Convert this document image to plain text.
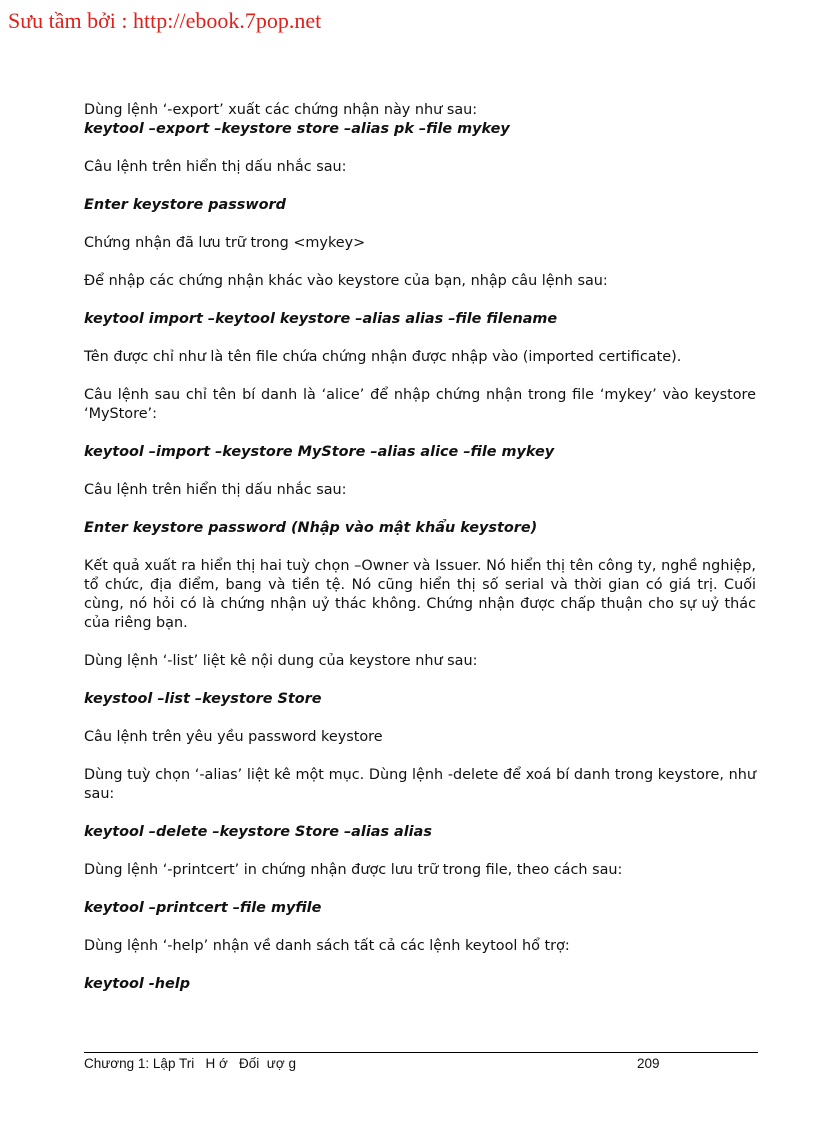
Sưu tầm bởi : http://ebook.7pop.net

Dùng lệnh ‘-export’ xuất các chứng nhận này như sau:

keytool –export –keystore store –alias pk –file mykey

Câu lệnh trên hiển thị dấu nhắc sau:

Enter keystore password

Chứng nhận đã lưu trữ trong <mykey>

Để nhập các chứng nhận khác vào keystore của bạn, nhập câu lệnh sau:

keytool import –keytool keystore –alias alias –file filename

Tên được chỉ như là tên file chứa chứng nhận được nhập vào (imported certificate).

Câu lệnh sau chỉ tên bí danh là ‘alice’ để nhập chứng nhận trong file ‘mykey’ vào keystore ‘MyStore’:

keytool –import –keystore MyStore –alias alice –file mykey

Câu lệnh trên hiển thị dấu nhắc sau:

Enter keystore password (Nhập vào mật khẩu keystore)

Kết quả xuất ra hiển thị hai tuỳ chọn –Owner và Issuer. Nó hiển thị tên công ty, nghề nghiệp, tổ chức, địa điểm, bang và tiền tệ. Nó cũng hiển thị số serial và thời gian có giá trị. Cuối cùng, nó hỏi có là chứng nhận uỷ thác không. Chứng nhận được chấp thuận cho sự uỷ thác của riêng bạn.

Dùng lệnh ‘-list’ liệt kê nội dung của keystore như sau:

keystool –list –keystore Store

Câu lệnh trên yêu yều password keystore

Dùng tuỳ chọn ‘-alias’ liệt kê một mục. Dùng lệnh -delete để xoá bí danh trong keystore, như sau:

keytool –delete –keystore Store –alias alias

Dùng lệnh ‘-printcert’ in chứng nhận được lưu trữ trong file, theo cách sau:

keytool –printcert –file myfile

Dùng lệnh ‘-help’ nhận về danh sách tất cả các lệnh keytool hổ trợ:

keytool -help

Chương 1: Lập Tri   H ớ   Đối  ượ g	209
